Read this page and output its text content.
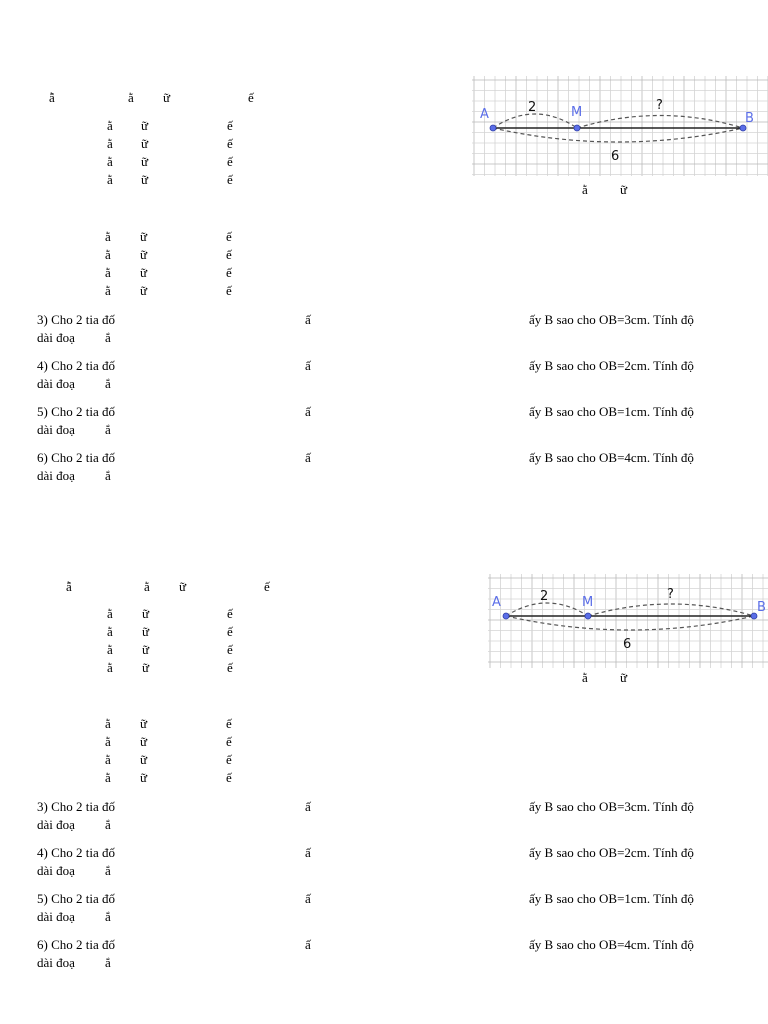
ẫ	ằ ữ	ế
ằ ữ	ế
ằ ữ	ế
ằ ữ	ế
ằ ữ	ế
ằ ữ	ế
ằ ữ	ế
ằ ữ	ế
ằ ữ	ế
3) Cho 2 tia đố	ấ	ấy B sao cho OB=3cm. Tính độ
dài đoạ ắ
4) Cho 2 tia đố	ấ	ấy B sao cho OB=2cm. Tính độ
dài đoạ ắ
5) Cho 2 tia đố	ấ	ấy B sao cho OB=1cm. Tính độ
dài đoạ ắ
6) Cho 2 tia đố	ấ	ấy B sao cho OB=4cm. Tính độ
dài đoạ ắ
A	M	B
2	?
6
ằ ữ
ẫ	ằ ữ	ế
ằ ữ	ế
ằ ữ	ế
ằ ữ	ế
ằ ữ	ế
ằ ữ	ế
ằ ữ	ế
ằ ữ	ế
ằ ữ	ế
3) Cho 2 tia đố	ấ	ấy B sao cho OB=3cm. Tính độ
dài đoạ ắ
4) Cho 2 tia đố	ấ	ấy B sao cho OB=2cm. Tính độ
dài đoạ ắ
5) Cho 2 tia đố	ấ	ấy B sao cho OB=1cm. Tính độ
dài đoạ ắ
6) Cho 2 tia đố	ấ	ấy B sao cho OB=4cm. Tính độ
dài đoạ ắ
A	M	B
2	?
6
ằ ữ
